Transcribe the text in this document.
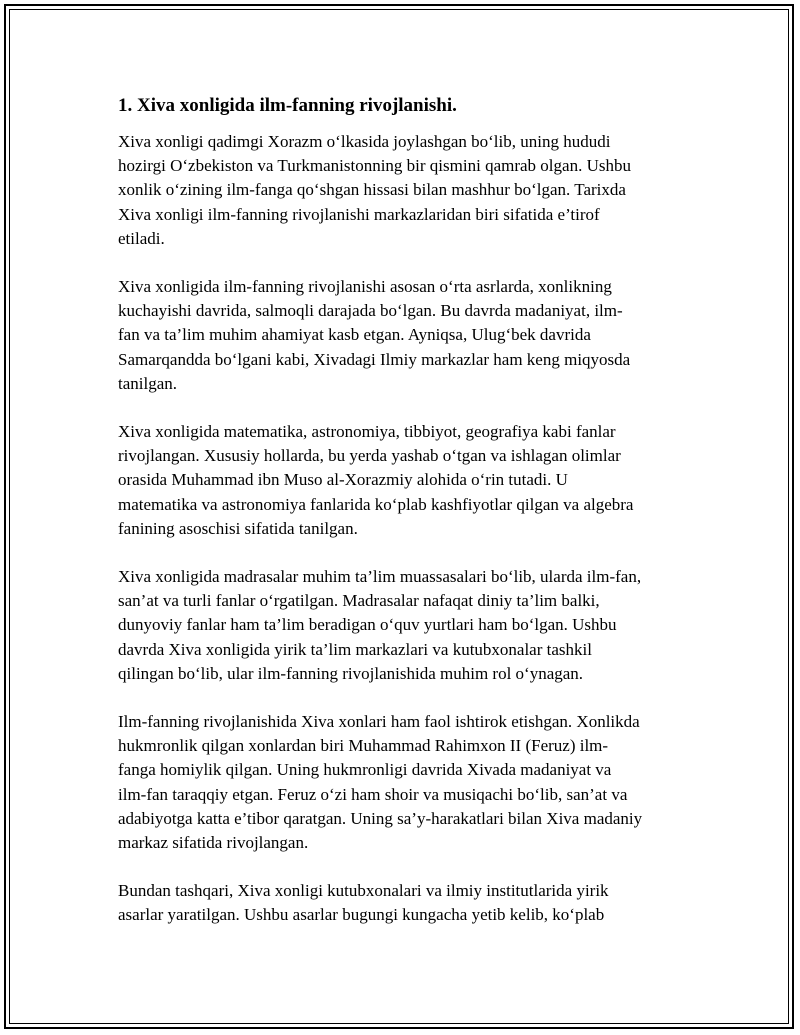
1. Xiva xonligida ilm-fanning rivojlanishi.

Xiva xonligi qadimgi Xorazm o‘lkasida joylashgan bo‘lib, uning hududi
hozirgi O‘zbekiston va Turkmanistonning bir qismini qamrab olgan. Ushbu
xonlik o‘zining ilm-fanga qo‘shgan hissasi bilan mashhur bo‘lgan. Tarixda
Xiva xonligi ilm-fanning rivojlanishi markazlaridan biri sifatida e’tirof
etiladi.

Xiva xonligida ilm-fanning rivojlanishi asosan o‘rta asrlarda, xonlikning
kuchayishi davrida, salmoqli darajada bo‘lgan. Bu davrda madaniyat, ilm-
fan va ta’lim muhim ahamiyat kasb etgan. Ayniqsa, Ulug‘bek davrida
Samarqandda bo‘lgani kabi, Xivadagi Ilmiy markazlar ham keng miqyosda
tanilgan.

Xiva xonligida matematika, astronomiya, tibbiyot, geografiya kabi fanlar
rivojlangan. Xususiy hollarda, bu yerda yashab o‘tgan va ishlagan olimlar
orasida Muhammad ibn Muso al-Xorazmiy alohida o‘rin tutadi. U
matematika va astronomiya fanlarida ko‘plab kashfiyotlar qilgan va algebra
fanining asoschisi sifatida tanilgan.

Xiva xonligida madrasalar muhim ta’lim muassasalari bo‘lib, ularda ilm-fan,
san’at va turli fanlar o‘rgatilgan. Madrasalar nafaqat diniy ta’lim balki,
dunyoviy fanlar ham ta’lim beradigan o‘quv yurtlari ham bo‘lgan. Ushbu
davrda Xiva xonligida yirik ta’lim markazlari va kutubxonalar tashkil
qilingan bo‘lib, ular ilm-fanning rivojlanishida muhim rol o‘ynagan.

Ilm-fanning rivojlanishida Xiva xonlari ham faol ishtirok etishgan. Xonlikda
hukmronlik qilgan xonlardan biri Muhammad Rahimxon II (Feruz) ilm-
fanga homiylik qilgan. Uning hukmronligi davrida Xivada madaniyat va
ilm-fan taraqqiy etgan. Feruz o‘zi ham shoir va musiqachi bo‘lib, san’at va
adabiyotga katta e’tibor qaratgan. Uning sa’y-harakatlari bilan Xiva madaniy
markaz sifatida rivojlangan.

Bundan tashqari, Xiva xonligi kutubxonalari va ilmiy institutlarida yirik
asarlar yaratilgan. Ushbu asarlar bugungi kungacha yetib kelib, ko‘plab
